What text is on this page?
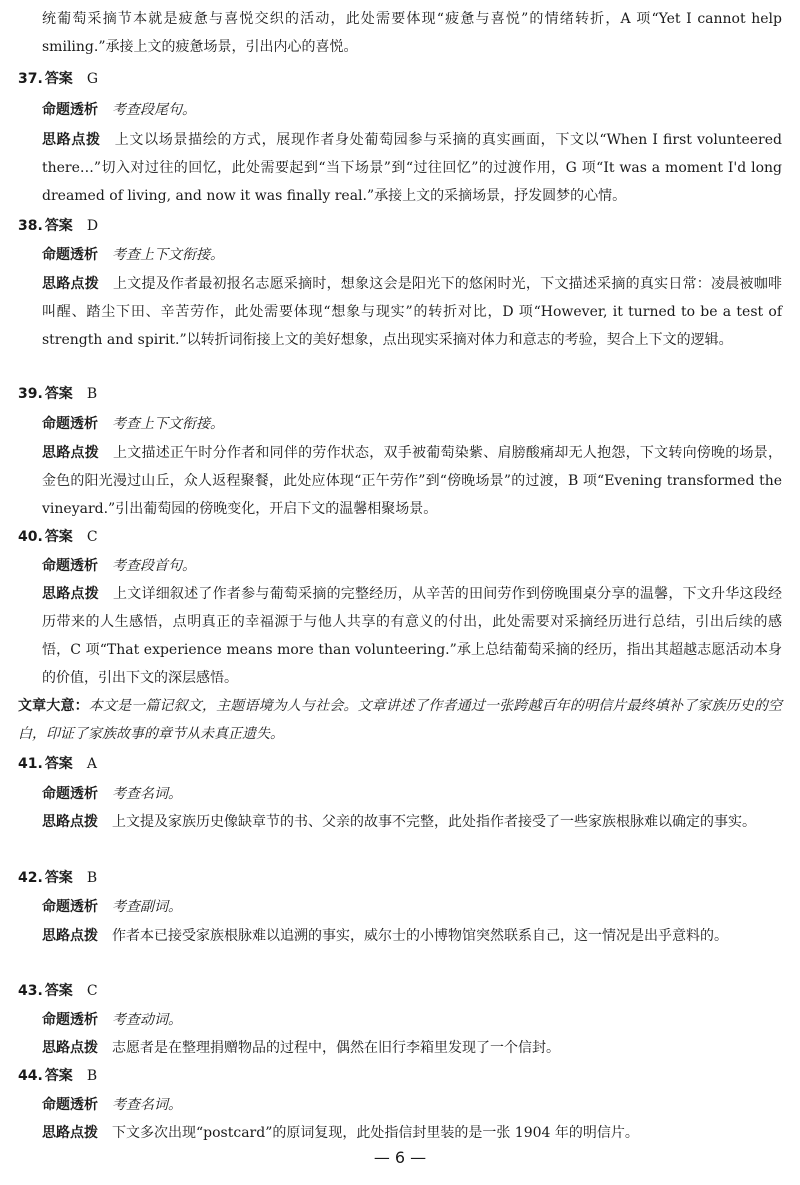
统葡萄采摘节本就是疲惫与喜悦交织的活动，此处需要体现“疲惫与喜悦”的情绪转折，A 项“Yet I cannot help smiling.”承接上文的疲惫场景，引出内心的喜悦。

37. 答案 G
命题透析 考查段尾句。
思路点拨 上文以场景描绘的方式，展现作者身处葡萄园参与采摘的真实画面，下文以“When I first volunteered there…”切入对过往的回忆，此处需要起到“当下场景”到“过往回忆”的过渡作用，G 项“It was a moment I'd long dreamed of living, and now it was finally real.”承接上文的采摘场景，抒发圆梦的心情。
38. 答案 D
命题透析 考查上下文衔接。
思路点拨 上文提及作者最初报名志愿采摘时，想象这会是阳光下的悠闲时光，下文描述采摘的真实日常：凌晨被咖啡叫醒、踏尘下田、辛苦劳作，此处需要体现“想象与现实”的转折对比，D 项“However, it turned to be a test of strength and spirit.”以转折词衔接上文的美好想象，点出现实采摘对体力和意志的考验，契合上下文的逻辑。
39. 答案 B
命题透析 考查上下文衔接。
思路点拨 上文描述正午时分作者和同伴的劳作状态，双手被葡萄染紫、肩膀酸痛却无人抱怨，下文转向傍晚的场景，金色的阳光漫过山丘，众人返程聚餐，此处应体现“正午劳作”到“傍晚场景”的过渡，B 项“Evening transformed the vineyard.”引出葡萄园的傍晚变化，开启下文的温馨相聚场景。
40. 答案 C
命题透析 考查段首句。
思路点拨 上文详细叙述了作者参与葡萄采摘的完整经历，从辛苦的田间劳作到傍晚围桌分享的温馨，下文升华这段经历带来的人生感悟，点明真正的幸福源于与他人共享的有意义的付出，此处需要对采摘经历进行总结，引出后续的感悟，C 项“That experience means more than volunteering.”承上总结葡萄采摘的经历，指出其超越志愿活动本身的价值，引出下文的深层感悟。
文章大意：本文是一篇记叙文，主题语境为人与社会。文章讲述了作者通过一张跨越百年的明信片最终填补了家族历史的空白，印证了家族故事的章节从未真正遗失。
41. 答案 A
命题透析 考查名词。
思路点拨 上文提及家族历史像缺章节的书、父亲的故事不完整，此处指作者接受了一些家族根脉难以确定的事实。
42. 答案 B
命题透析 考查副词。
思路点拨 作者本已接受家族根脉难以追溯的事实，威尔士的小博物馆突然联系自己，这一情况是出乎意料的。
43. 答案 C
命题透析 考查动词。
思路点拨 志愿者是在整理捐赠物品的过程中，偶然在旧行李箱里发现了一个信封。
44. 答案 B
命题透析 考查名词。
思路点拨 下文多次出现“postcard”的原词复现，此处指信封里装的是一张 1904 年的明信片。
— 6 —
